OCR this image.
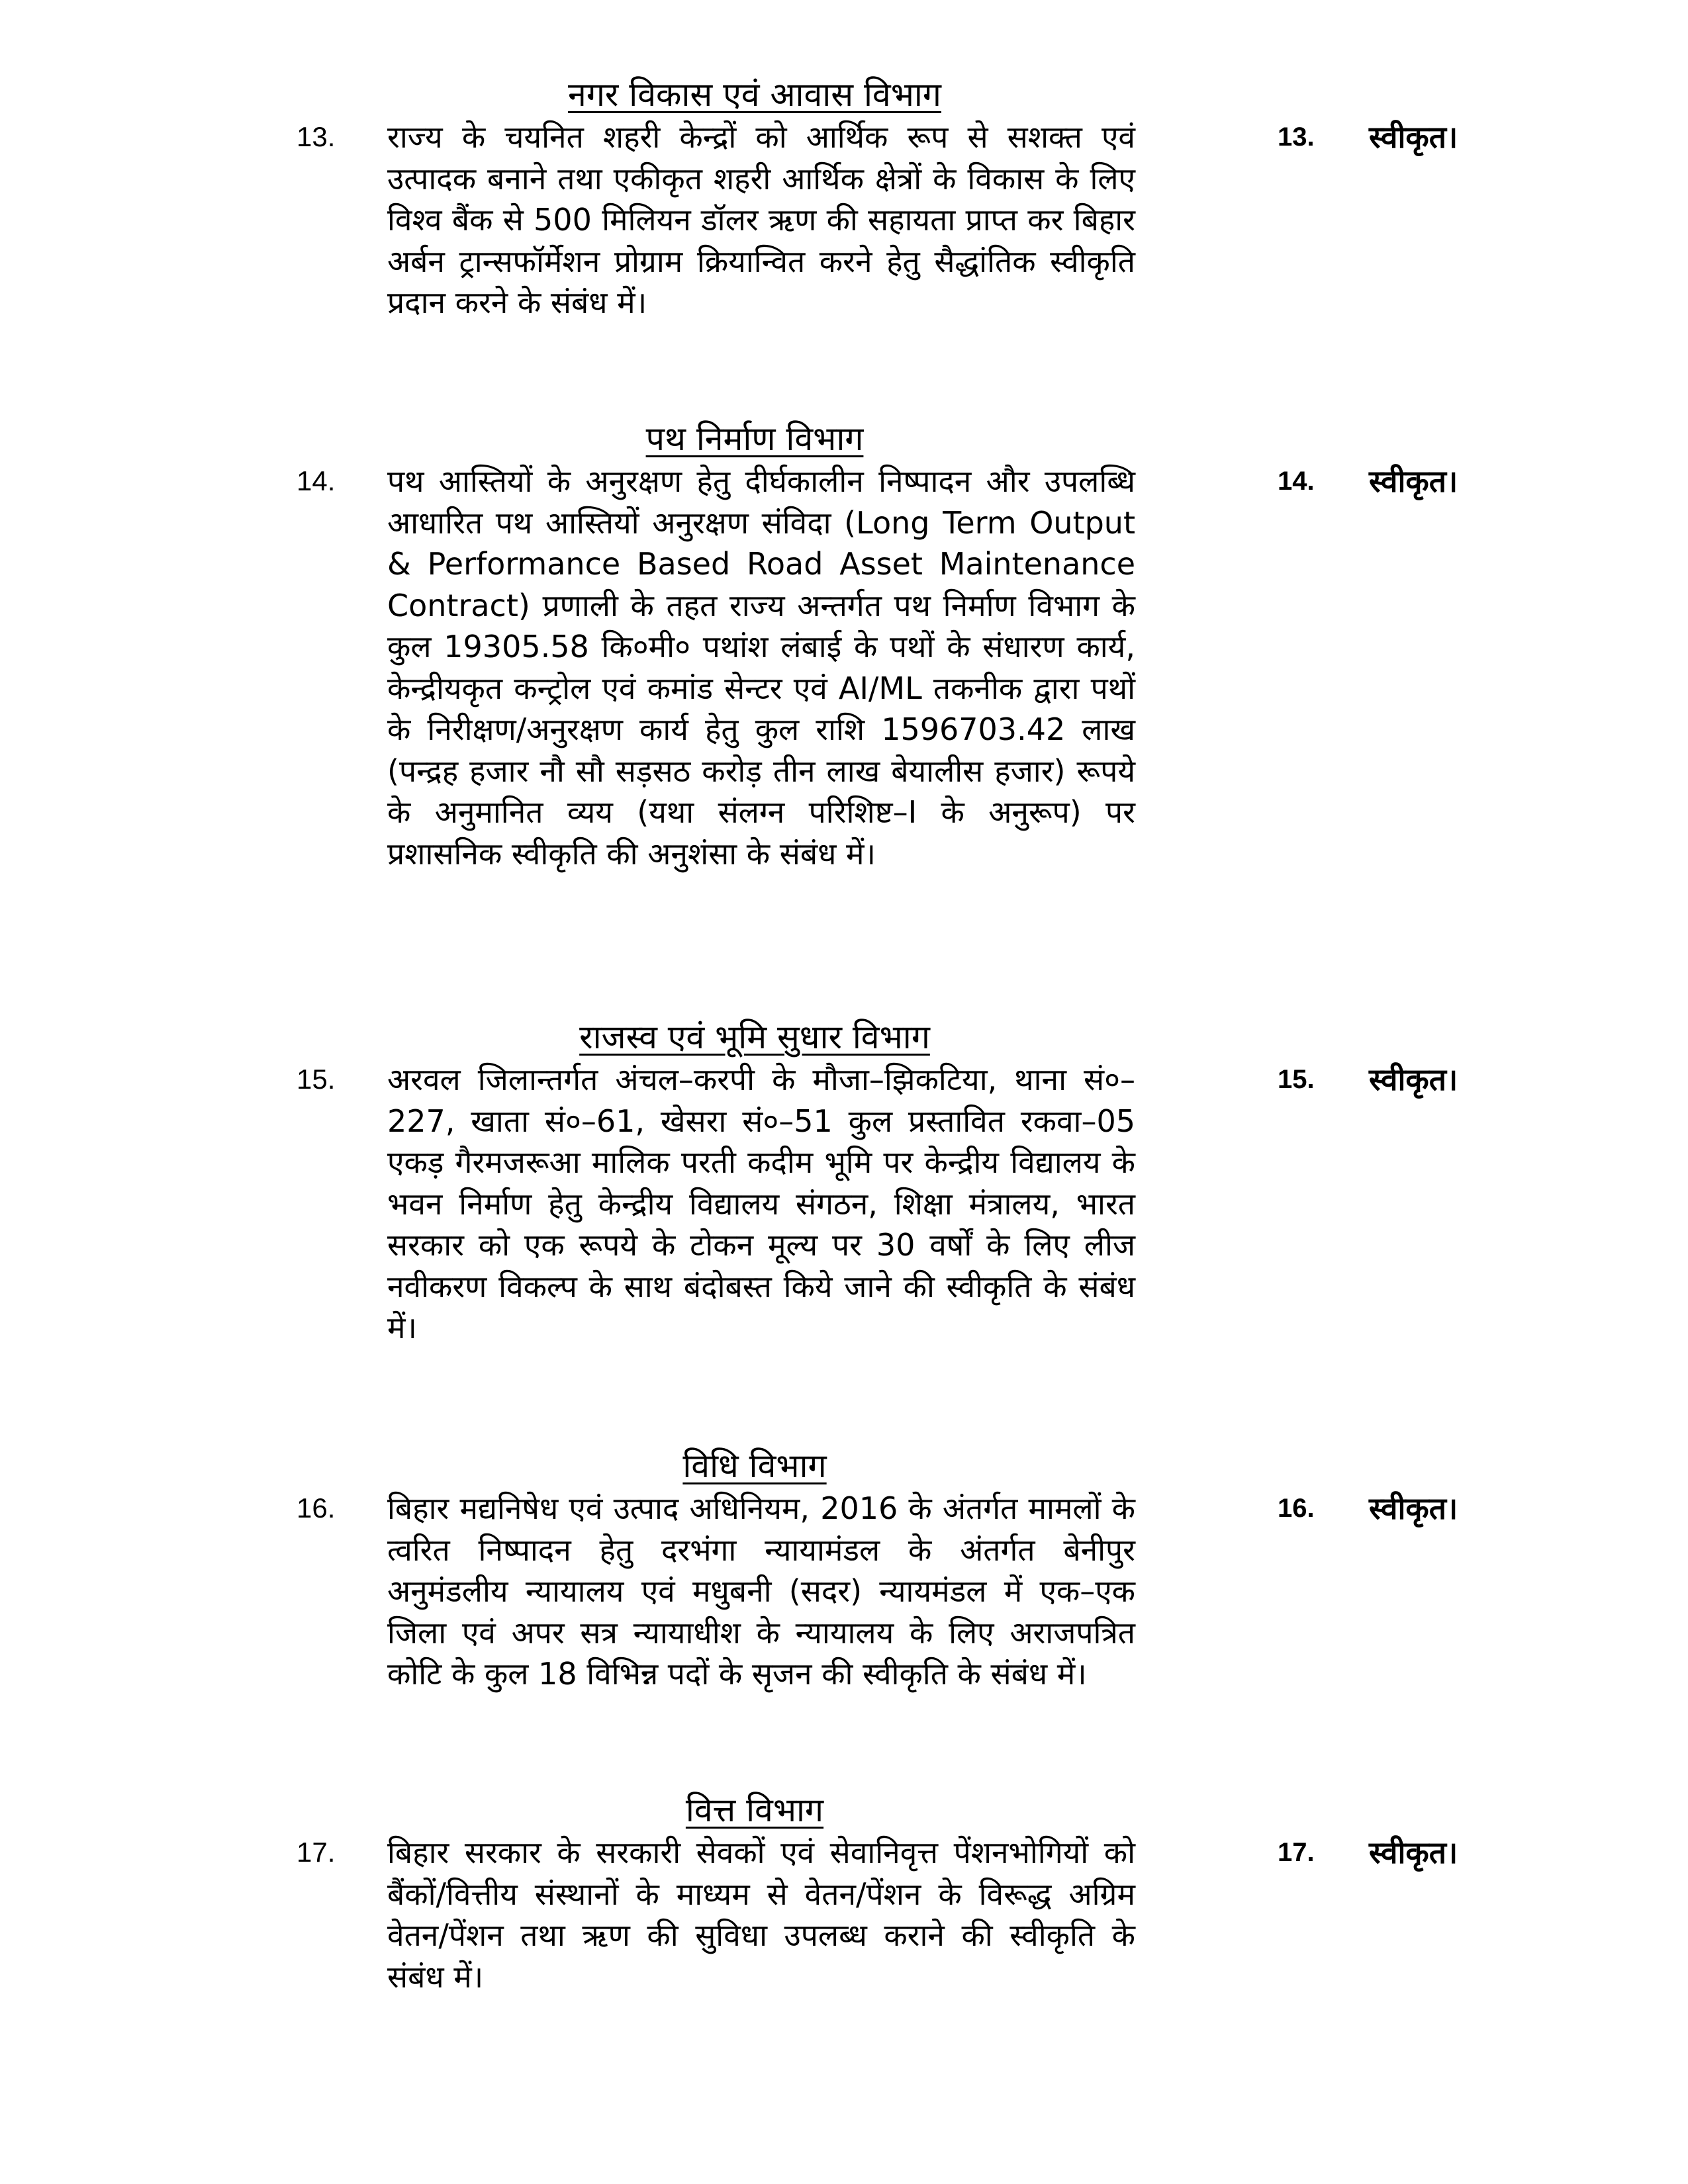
नगर विकास एवं आवास विभाग
13. राज्य के चयनित शहरी केन्द्रों को आर्थिक रूप से सशक्त एवं उत्पादक बनाने तथा एकीकृत शहरी आर्थिक क्षेत्रों के विकास के लिए विश्व बैंक से 500 मिलियन डॉलर ऋण की सहायता प्राप्त कर बिहार अर्बन ट्रान्सफॉर्मेशन प्रोग्राम क्रियान्वित करने हेतु सैद्धांतिक स्वीकृति प्रदान करने के संबंध में।
13. स्वीकृत।
पथ निर्माण विभाग
14. पथ आस्तियों के अनुरक्षण हेतु दीर्घकालीन निष्पादन और उपलब्धि आधारित पथ आस्तियों अनुरक्षण संविदा (Long Term Output & Performance Based Road Asset Maintenance Contract) प्रणाली के तहत राज्य अन्तर्गत पथ निर्माण विभाग के कुल 19305.58 कि०मी० पथांश लंबाई के पथों के संधारण कार्य, केन्द्रीयकृत कन्ट्रोल एवं कमांड सेन्टर एवं AI/ML तकनीक द्वारा पथों के निरीक्षण/अनुरक्षण कार्य हेतु कुल राशि 1596703.42 लाख (पन्द्रह हजार नौ सौ सड़सठ करोड़ तीन लाख बेयालीस हजार) रूपये के अनुमानित व्यय (यथा संलग्न परिशिष्ट–I के अनुरूप) पर प्रशासनिक स्वीकृति की अनुशंसा के संबंध में।
14. स्वीकृत।
राजस्व एवं भूमि सुधार विभाग
15. अरवल जिलान्तर्गत अंचल–करपी के मौजा–झिकटिया, थाना सं०–227, खाता सं०–61, खेसरा सं०–51 कुल प्रस्तावित रकवा–05 एकड़ गैरमजरूआ मालिक परती कदीम भूमि पर केन्द्रीय विद्यालय के भवन निर्माण हेतु केन्द्रीय विद्यालय संगठन, शिक्षा मंत्रालय, भारत सरकार को एक रूपये के टोकन मूल्य पर 30 वर्षों के लिए लीज नवीकरण विकल्प के साथ बंदोबस्त किये जाने की स्वीकृति के संबंध में।
15. स्वीकृत।
विधि विभाग
16. बिहार मद्यनिषेध एवं उत्पाद अधिनियम, 2016 के अंतर्गत मामलों के त्वरित निष्पादन हेतु दरभंगा न्यायामंडल के अंतर्गत बेनीपुर अनुमंडलीय न्यायालय एवं मधुबनी (सदर) न्यायमंडल में एक–एक जिला एवं अपर सत्र न्यायाधीश के न्यायालय के लिए अराजपत्रित कोटि के कुल 18 विभिन्न पदों के सृजन की स्वीकृति के संबंध में।
16. स्वीकृत।
वित्त विभाग
17. बिहार सरकार के सरकारी सेवकों एवं सेवानिवृत्त पेंशनभोगियों को बैंकों/वित्तीय संस्थानों के माध्यम से वेतन/पेंशन के विरूद्ध अग्रिम वेतन/पेंशन तथा ऋण की सुविधा उपलब्ध कराने की स्वीकृति के संबंध में।
17. स्वीकृत।
